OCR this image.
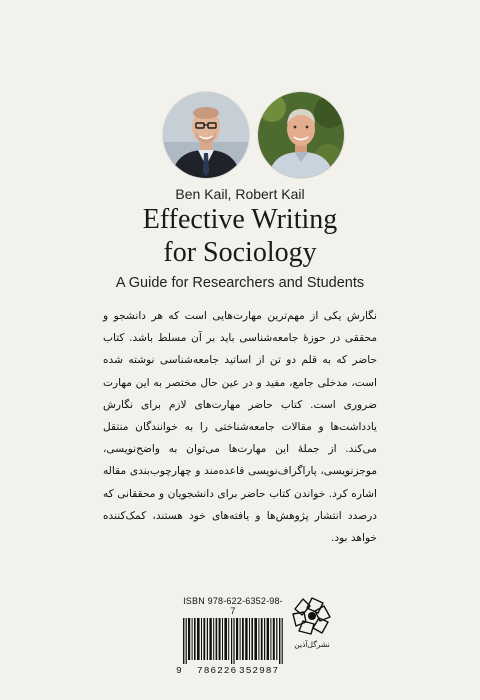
Ben Kail, Robert Kail
Effective Writing
for Sociology
A Guide for Researchers and Students

نگارش یکی از مهم‌ترین مهارت‌هایی است که هر دانشجو و محققی در حوزهٔ جامعه‌شناسی باید بر آن مسلط باشد. کتاب حاضر که به قلم دو تن از اساتید جامعه‌شناسی نوشته شده است، مدخلی جامع، مفید و در عین حال مختصر به این مهارت ضروری است. کتاب حاضر مهارت‌های لازم برای نگارش یادداشت‌ها و مقالات جامعه‌شناختی را به خوانندگان منتقل می‌کند. از جملهٔ این مهارت‌ها می‌توان به واضح‌نویسی، موجزنویسی، پاراگراف‌نویسی قاعده‌مند و چهارچوب‌بندی مقاله اشاره کرد. خواندن کتاب حاضر برای دانشجویان و محققانی که درصدد انتشار پژوهش‌ها و یافته‌های خود هستند، کمک‌کننده خواهد بود.

ISBN 978-622-6352-98-7
9 786226 352987
نشرگل‌آذین
